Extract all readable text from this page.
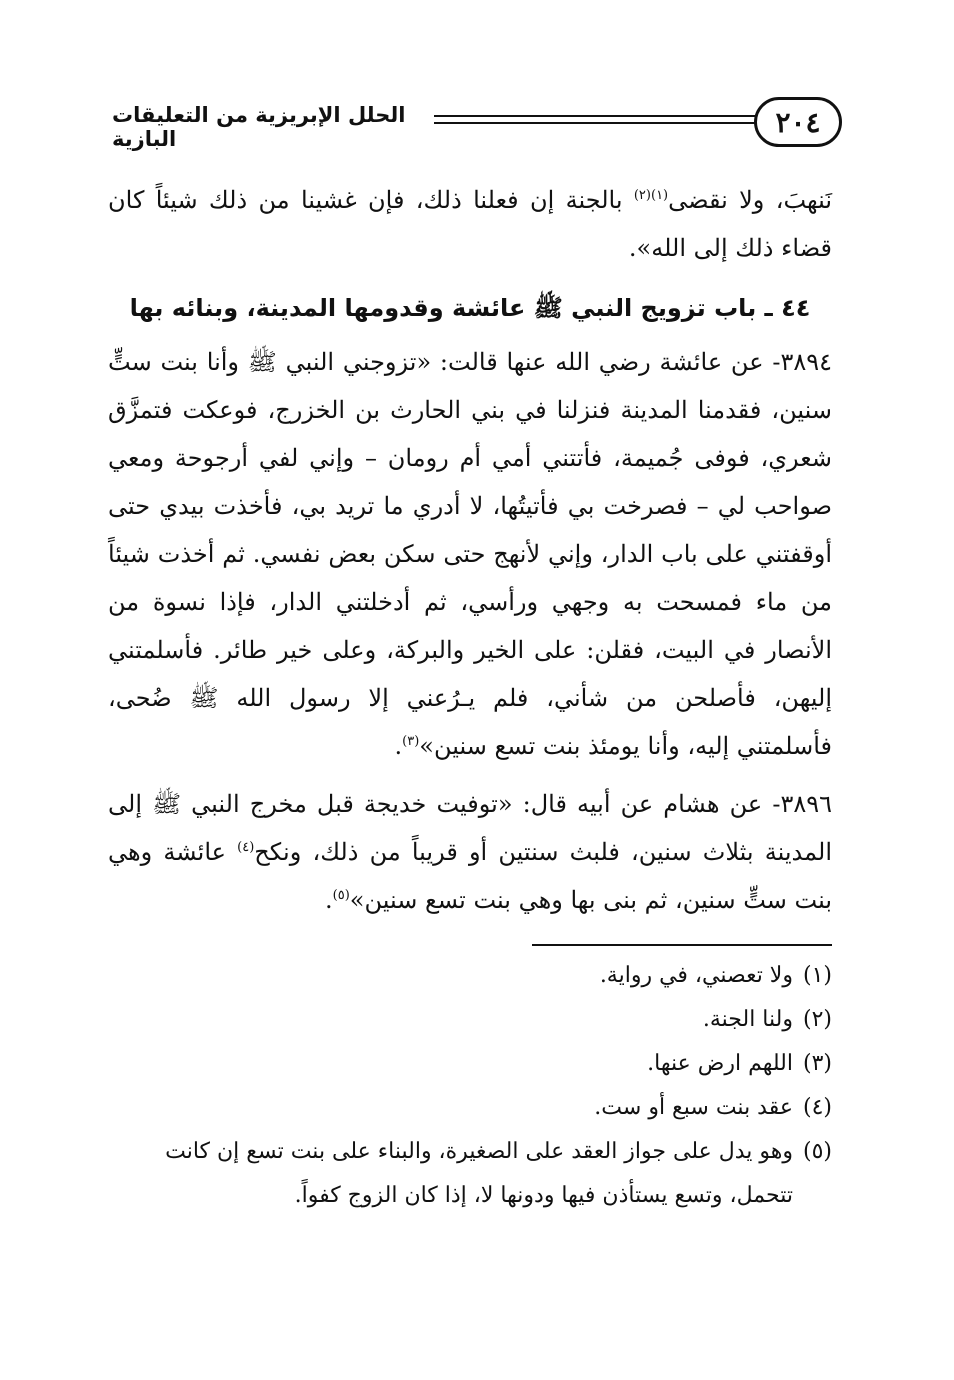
٢٠٤
الحلل الإبريزية من التعليقات البازية

نَنهبَ، ولا نقضى$^{(١)(٢)}$ باﻟﺠﻨﺔ إن فعلنا ذلك، فإن غشينا من ذلك شيئاً كان قضاء ذلك إلى الله».

٤٤ ـ باب تزويج النبي ﷺ عائشة وقدومها المدينة، وبنائه بها

٣٨٩٤- عن عائشة رضي الله عنها قالت: «تزوجني النبي ﷺ وأنا بنت ستٍّ سنين، فقدمنا المدينة فنزلنا في بني الحارث بن الخزرج، فوعكت فتمزَّق شعري، فوفى جُميمة، فأتتني أمي أم رومان – وإني لفي أرجوحة ومعي صواحب لي – فصرخت بي فأتيتُها، لا أدري ما تريد بي، فأخذت بيدي حتى أوقفتني على باب الدار، وإني لأنهج حتى سكن بعض نفسي. ثم أخذت شيئاً من ماء فمسحت به وجهي ورأسي، ثم أدخلتني الدار، فإذا نسوة من الأنصار في البيت، فقلن: على الخير والبركة، وعلى خير طائر. فأسلمتني إليهن، فأصلحن من شأني، فلم يـرُعني إلا رسول الله ﷺ ضُحى، فأسلمتني إليه، وأنا يومئذ بنت تسع سنين»$^{(٣)}$.

٣٨٩٦- عن هشام عن أبيه قال: «توفيت خديجة قبل مخرج النبي ﷺ إلى المدينة بثلاث سنين، فلبث سنتين أو قريباً من ذلك، ونكح$^{(٤)}$ عائشة وهي بنت ستٍّ سنين، ثم بنى بها وهي بنت تسع سنين»$^{(٥)}$.

(١)
ولا تعصني، في رواية.
(٢)
ولنا الجنة.
(٣)
اللهم ارض عنها.
(٤)
عقد بنت سبع أو ست.
(٥)
وهو يدل على جواز العقد على الصغيرة، والبناء على بنت تسع إن كانت تتحمل، وتسع يستأذن فيها ودونها لا، إذا كان الزوج كفواً.
